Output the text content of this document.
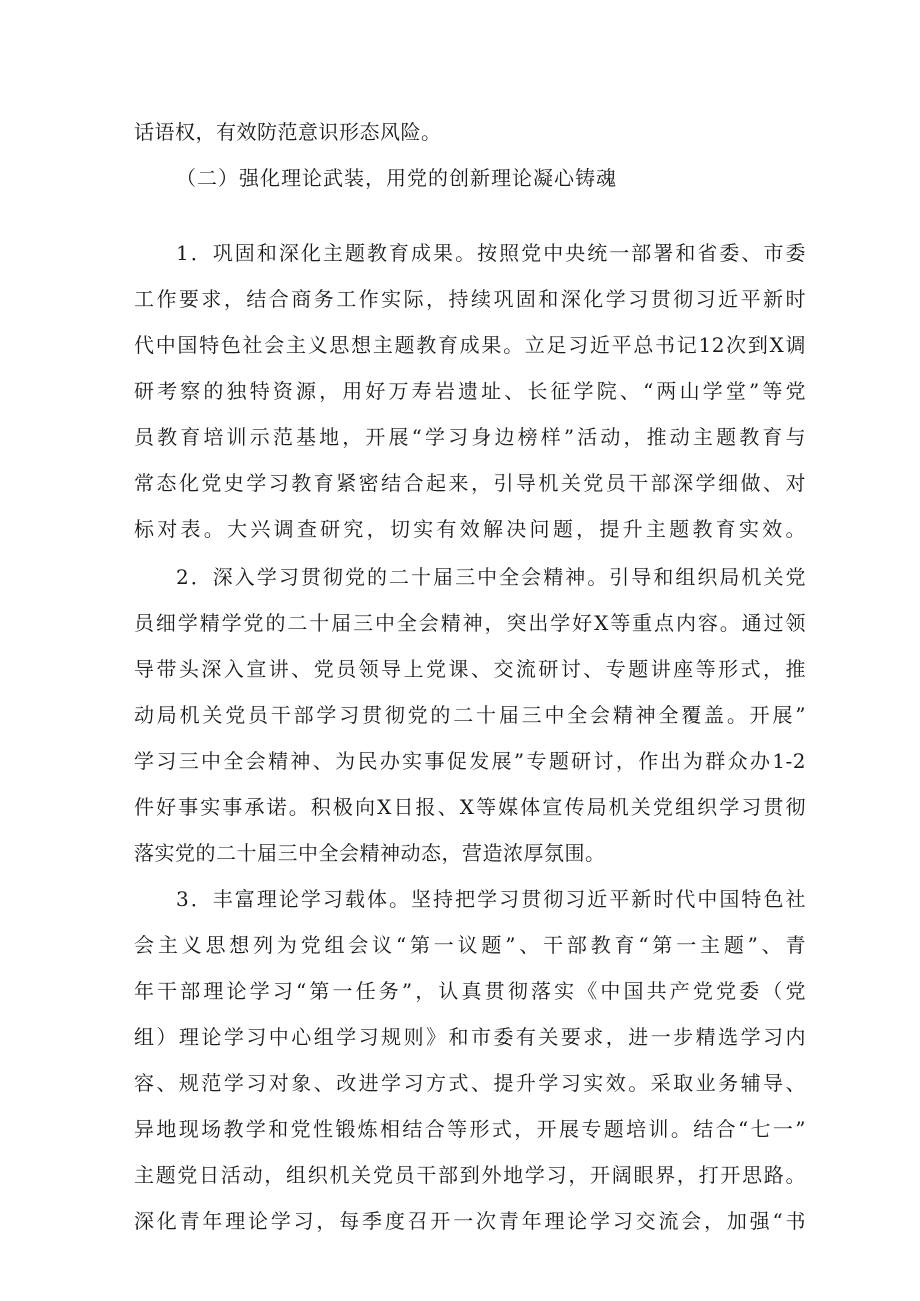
话语权，有效防范意识形态风险。
（二）强化理论武装，用党的创新理论凝心铸魂
1．巩固和深化主题教育成果。按照党中央统一部署和省委、市委
工作要求，结合商务工作实际，持续巩固和深化学习贯彻习近平新时
代中国特色社会主义思想主题教育成果。立足习近平总书记12次到X调
研考察的独特资源，用好万寿岩遗址、长征学院、“两山学堂”等党
员教育培训示范基地，开展“学习身边榜样”活动，推动主题教育与
常态化党史学习教育紧密结合起来，引导机关党员干部深学细做、对
标对表。大兴调查研究，切实有效解决问题，提升主题教育实效。
2．深入学习贯彻党的二十届三中全会精神。引导和组织局机关党
员细学精学党的二十届三中全会精神，突出学好X等重点内容。通过领
导带头深入宣讲、党员领导上党课、交流研讨、专题讲座等形式，推
动局机关党员干部学习贯彻党的二十届三中全会精神全覆盖。开展”
学习三中全会精神、为民办实事促发展”专题研讨，作出为群众办1-2
件好事实事承诺。积极向X日报、X等媒体宣传局机关党组织学习贯彻
落实党的二十届三中全会精神动态，营造浓厚氛围。
3．丰富理论学习载体。坚持把学习贯彻习近平新时代中国特色社
会主义思想列为党组会议“第一议题”、干部教育“第一主题”、青
年干部理论学习“第一任务”，认真贯彻落实《中国共产党党委（党
组）理论学习中心组学习规则》和市委有关要求，进一步精选学习内
容、规范学习对象、改进学习方式、提升学习实效。采取业务辅导、
异地现场教学和党性锻炼相结合等形式，开展专题培训。结合“七一”
主题党日活动，组织机关党员干部到外地学习，开阔眼界，打开思路。
深化青年理论学习，每季度召开一次青年理论学习交流会，加强“书
